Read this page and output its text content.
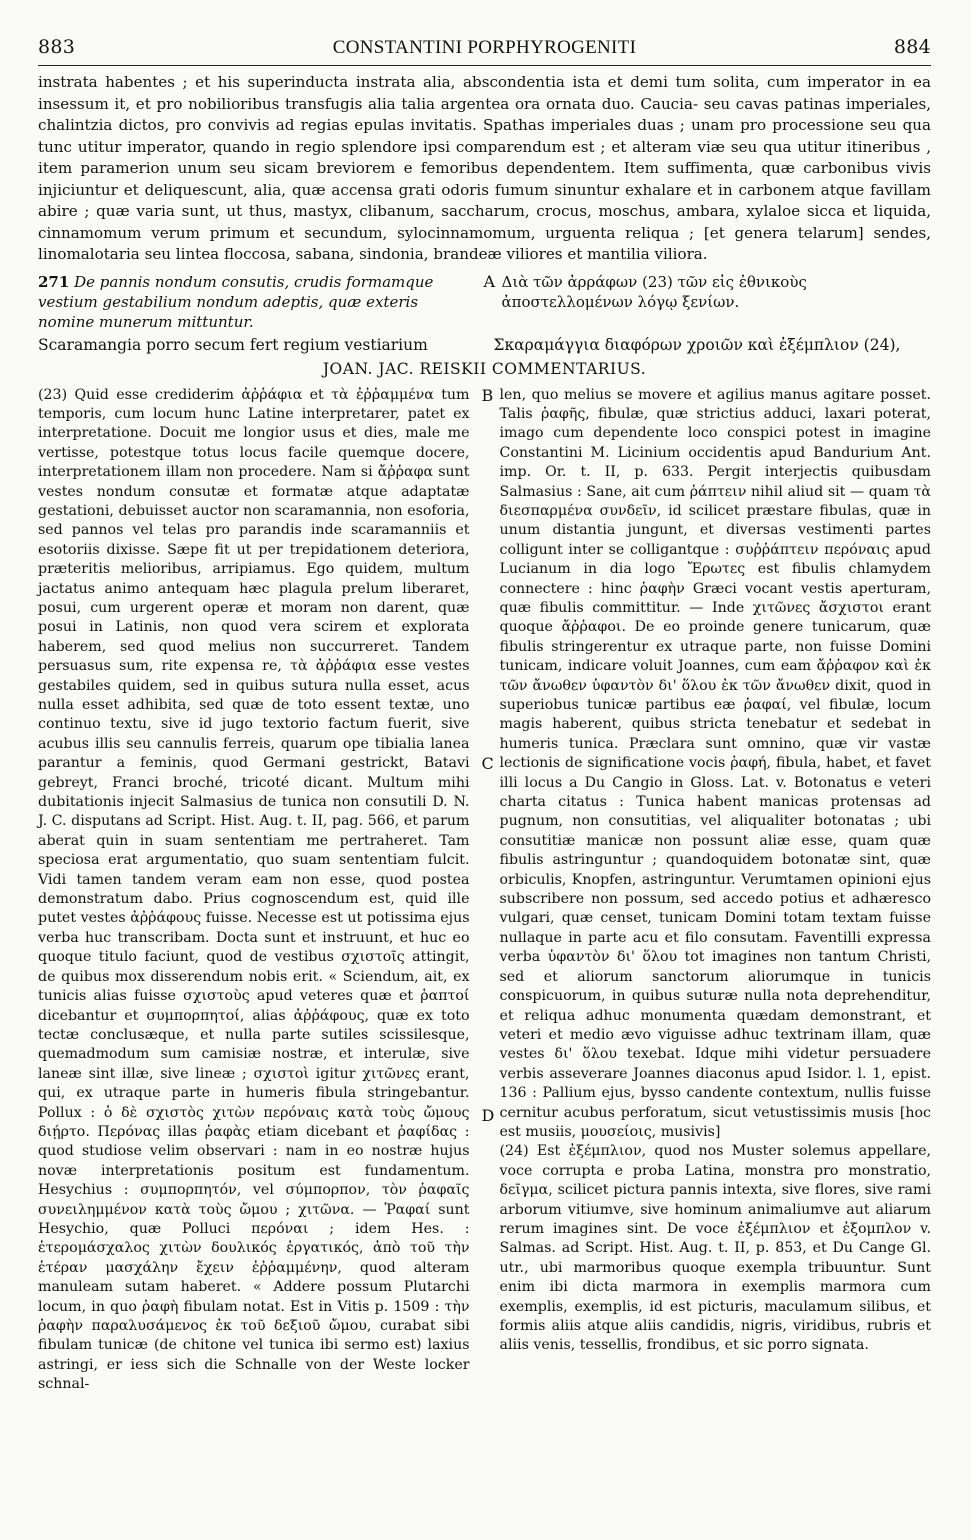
883	CONSTANTINI PORPHYROGENITI	884

instrata habentes ; et his superinducta instrata alia, abscondentia ista et demi tum solita, cum imperator in ea insessum it, et pro nobilioribus transfugis alia talia argentea ora ornata duo. Caucia- seu cavas patinas imperiales, chalintzia dictos, pro convivis ad regias epulas invitatis. Spathas imperiales duas ; unam pro processione seu qua tunc utitur imperator, quando in regio splendore ipsi comparendum est ; et alteram viæ seu qua utitur itineribus , item paramerion unum seu sicam breviorem e femoribus dependentem. Item suffimenta, quæ carbonibus vivis injiciuntur et deliquescunt, alia, quæ accensa grati odoris fumum sinuntur exhalare et in carbonem atque favillam abire ; quæ varia sunt, ut thus, mastyx, clibanum, saccharum, crocus, moschus, ambara, xylaloe sicca et liquida, cinnamomum verum primum et secundum, sylocinnamomum, urguenta reliqua ; [et genera telarum] sendes, linomalotaria seu lintea floccosa, sabana, sindonia, brandeæ viliores et mantilia viliora.

271 De pannis nondum consutis, crudis formamque vestium gestabilium nondum adeptis, quæ exteris nomine munerum mittuntur.
A Διὰ τῶν ἀρράφων (23) τῶν εἰς ἐθνικοὺς ἀποστελλομένων λόγῳ ξενίων.
Scaramangia porro secum fert regium vestiarium	Σκαραμάγγια διαφόρων χροιῶν καὶ ἐξέμπλιον (24),
JOAN. JAC. REISKII COMMENTARIUS.

(23) Quid esse crediderim ἀῤῥάφια et τὰ ἐῤῥαμμένα tum temporis, cum locum hunc Latine interpretarer, patet ex interpretatione. Docuit me longior usus et dies, male me vertisse, potestque totus locus facile quemque docere, interpretationem illam non procedere. Nam si ἄῤῥαφα sunt vestes nondum consutæ et formatæ atque adaptatæ gestationi, debuisset auctor non scaramannia, non esoforia, sed pannos vel telas pro parandis inde scaramanniis et esotoriis dixisse. Sæpe fit ut per trepidationem deteriora, præteritis melioribus, arripiamus. Ego quidem, multum jactatus animo antequam hæc plagula prelum liberaret, posui, cum urgerent operæ et moram non darent, quæ posui in Latinis, non quod vera scirem et explorata haberem, sed quod melius non succurreret. Tandem persuasus sum, rite expensa re, τὰ ἀῤῥάφια esse vestes gestabiles quidem, sed in quibus sutura nulla esset, acus nulla esset adhibita, sed quæ de toto essent textæ, uno continuo textu, sive id jugo textorio factum fuerit, sive acubus illis seu cannulis ferreis, quarum ope tibialia lanea parantur a feminis, quod Germani gestrickt, Batavi gebreyt, Franci broché, tricoté dicant. Multum mihi dubitationis injecit Salmasius de tunica non consutili D. N. J. C. disputans ad Script. Hist. Aug. t. II, pag. 566, et parum aberat quin in suam sententiam me pertraheret. Tam speciosa erat argumentatio, quo suam sententiam fulcit. Vidi tamen tandem veram eam non esse, quod postea demonstratum dabo. Prius cognoscendum est, quid ille putet vestes ἀῤῥάφους fuisse. Necesse est ut potissima ejus verba huc transcribam. Docta sunt et instruunt, et huc eo quoque titulo faciunt, quod de vestibus σχιστοῖς attingit, de quibus mox disserendum nobis erit. « Sciendum, ait, ex tunicis alias fuisse σχιστοὺς apud veteres quæ et ῥαπτοί dicebantur et συμπορπητοί, alias ἀῤῥάφους, quæ ex toto tectæ conclusæque, et nulla parte sutiles scissilesque, quemadmodum sum camisiæ nostræ, et interulæ, sive laneæ sint illæ, sive lineæ ; σχιστοὶ igitur χιτῶνες erant, qui, ex utraque parte in humeris fibula stringebantur. Pollux : ὁ δὲ σχιστὸς χιτὼν περόναις κατὰ τοὺς ὤμους διῄρτο. Περόνας illas ῥαφὰς etiam dicebant et ῥαφίδας : quod studiose velim observari : nam in eo nostræ hujus novæ interpretationis positum est fundamentum. Hesychius : συμπορπητόν, vel σύμπορπον, τὸν ῥαφαῖς συνειλημμένον κατὰ τοὺς ὤμου ; χιτῶνα. — Ῥαφαί sunt Hesychio, quæ Polluci περόναι ; idem Hes. : ἑτερομάσχαλος χιτὼν δουλικός ἐργατικός, ἀπὸ τοῦ τὴν ἑτέραν μασχάλην ἔχειν ἐῤῥαμμένην, quod alteram manuleam sutam haberet. « Addere possum Plutarchi locum, in quo ῥαφὴ fibulam notat. Est in Vitis p. 1509 : τὴν ῥαφὴν παραλυσάμενος ἐκ τοῦ δεξιοῦ ὤμου, curabat sibi fibulam tunicæ (de chitone vel tunica ibi sermo est) laxius astringi, er iess sich die Schnalle von der Weste locker schnal-

B
C
D

len, quo melius se movere et agilius manus agitare posset. Talis ῥαφῆς, fibulæ, quæ strictius adduci, laxari poterat, imago cum dependente loco conspici potest in imagine Constantini M. Licinium occidentis apud Bandurium Ant. imp. Or. t. II, p. 633. Pergit interjectis quibusdam Salmasius : Sane, ait cum ῥάπτειν nihil aliud sit — quam τὰ διεσπαρμένα συνδεῖν, id scilicet præstare fibulas, quæ in unum distantia jungunt, et diversas vestimenti partes colligunt inter se colligantque : συῤῥάπτειν περόναις apud Lucianum in dia logo Ἔρωτες est fibulis chlamydem connectere : hinc ῥαφὴν Græci vocant vestis aperturam, quæ fibulis committitur. — Inde χιτῶνες ἄσχιστοι erant quoque ἄῤῥαφοι. De eo proinde genere tunicarum, quæ fibulis stringerentur ex utraque parte, non fuisse Domini tunicam, indicare voluit Joannes, cum eam ἄῤῥαφον καὶ ἐκ τῶν ἄνωθεν ὑφαντὸν δι' ὅλου ἐκ τῶν ἄνωθεν dixit, quod in superiobus tunicæ partibus eæ ῥαφαί, vel fibulæ, locum magis haberent, quibus stricta tenebatur et sedebat in humeris tunica. Præclara sunt omnino, quæ vir vastæ lectionis de significatione vocis ῥαφή, fibula, habet, et favet illi locus a Du Cangio in Gloss. Lat. v. Botonatus e veteri charta citatus : Tunica habent manicas protensas ad pugnum, non consutitias, vel aliqualiter botonatas ; ubi consutitiæ manicæ non possunt aliæ esse, quam quæ fibulis astringuntur ; quandoquidem botonatæ sint, quæ orbiculis, Knopfen, astringuntur. Verumtamen opinioni ejus subscribere non possum, sed accedo potius et adhæresco vulgari, quæ censet, tunicam Domini totam textam fuisse nullaque in parte acu et filo consutam. Faventilli expressa verba ὑφαντὸν δι' ὅλου tot imagines non tantum Christi, sed et aliorum sanctorum aliorumque in tunicis conspicuorum, in quibus suturæ nulla nota deprehenditur, et reliqua adhuc monumenta quædam demonstrant, et veteri et medio ævo viguisse adhuc textrinam illam, quæ vestes δι' ὅλου texebat. Idque mihi videtur persuadere verbis asseverare Joannes diaconus apud Isidor. l. 1, epist. 136 : Pallium ejus, bysso candente contextum, nullis fuisse cernitur acubus perforatum, sicut vetustissimis musis [hoc est musiis, μουσείοις, musivis]

(24) Est ἐξέμπλιον, quod nos Muster solemus appellare, voce corrupta e proba Latina, monstra pro monstratio, δεῖγμα, scilicet pictura pannis intexta, sive flores, sive rami arborum vitiumve, sive hominum animaliumve aut aliarum rerum imagines sint. De voce ἐξέμπλιον et ἐξομπλον v. Salmas. ad Script. Hist. Aug. t. II, p. 853, et Du Cange Gl. utr., ubi marmoribus quoque exempla tribuuntur. Sunt enim ibi dicta marmora in exemplis marmora cum exemplis, exemplis, id est picturis, maculamum silibus, et formis aliis atque aliis candidis, nigris, viridibus, rubris et aliis venis, tessellis, frondibus, et sic porro signata.
